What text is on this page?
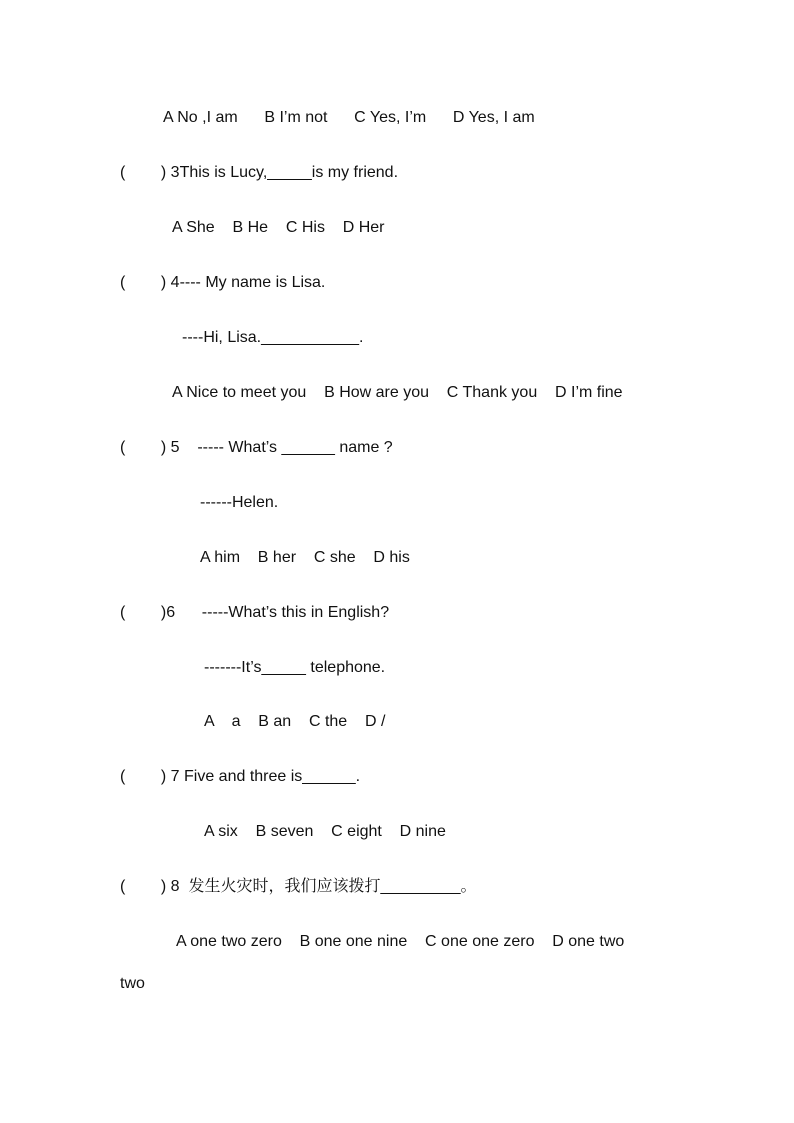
A No ,I am      B I’m not      C Yes, I’m      D Yes, I am
(        ) 3This is Lucy,_____is my friend.
A She    B He    C His    D Her
(        ) 4---- My name is Lisa.
----Hi, Lisa.___________.
A Nice to meet you    B How are you    C Thank you    D I’m fine
(        ) 5    ----- What’s ______ name ?
------Helen.
A him    B her    C she    D his
(        )6      -----What’s this in English?
-------It’s_____ telephone.
A    a    B an    C the    D /
(        ) 7 Five and three is______.
A six    B seven    C eight    D nine
(        ) 8  发生火灾时，我们应该拨打_________。
A one two zero    B one one nine    C one one zero    D one two
two
